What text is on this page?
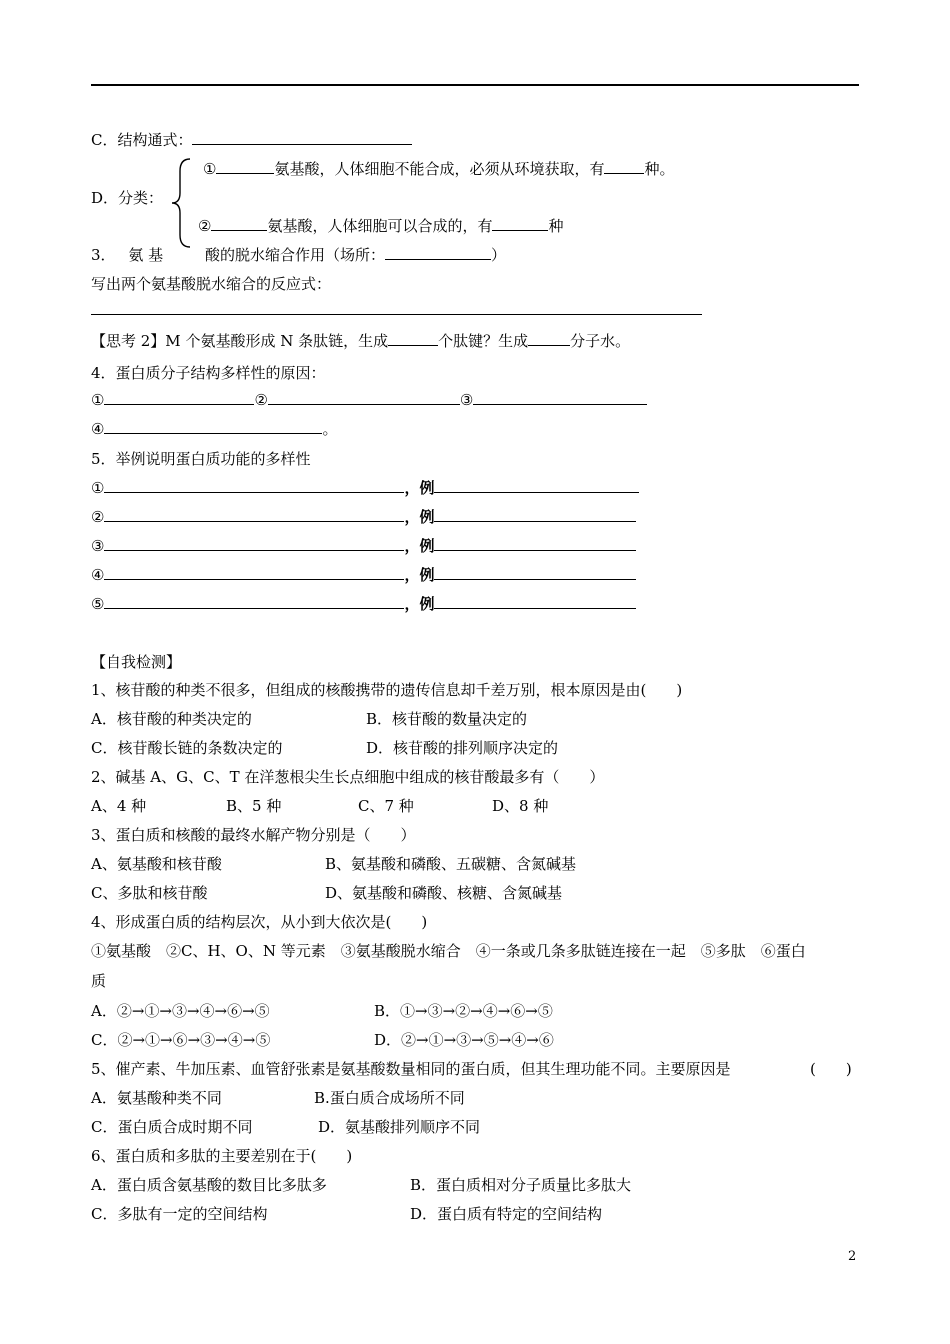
C．结构通式：
①	氨基酸，人体细胞不能合成，必须从环境获取，有	种。
D．分类：
②	氨基酸，人体细胞可以合成的，有	种
3． 氨 基	酸的脱水缩合作用（场所：	）
写出两个氨基酸脱水缩合的反应式：
【思考 2】M 个氨基酸形成 N 条肽链，生成	个肽键？生成	分子水。
4．蛋白质分子结构多样性的原因：
①	②	③
④	。
5．举例说明蛋白质功能的多样性
①	，例
②	，例
③	，例
④	，例
⑤	，例
【自我检测】
1、核苷酸的种类不很多，但组成的核酸携带的遗传信息却千差万别，根本原因是由(　　)
A．核苷酸的种类决定的	B．核苷酸的数量决定的
C．核苷酸长链的条数决定的	D．核苷酸的排列顺序决定的
2、碱基 A、G、C、T 在洋葱根尖生长点细胞中组成的核苷酸最多有（　　）
A、4 种	B、5 种	C、7 种	D、8 种
3、蛋白质和核酸的最终水解产物分别是（　　）
A、氨基酸和核苷酸	B、氨基酸和磷酸、五碳糖、含氮碱基
C、多肽和核苷酸	D、氨基酸和磷酸、核糖、含氮碱基
4、形成蛋白质的结构层次，从小到大依次是(　　)
①氨基酸　②C、H、O、N 等元素　③氨基酸脱水缩合　④一条或几条多肽链连接在一起　⑤多肽　⑥蛋白
质
A．②→①→③→④→⑥→⑤	B．①→③→②→④→⑥→⑤
C．②→①→⑥→③→④→⑤	D．②→①→③→⑤→④→⑥
5、催产素、牛加压素、血管舒张素是氨基酸数量相同的蛋白质，但其生理功能不同。主要原因是	(　　)
A．氨基酸种类不同	B.蛋白质合成场所不同
C．蛋白质合成时期不同	D．氨基酸排列顺序不同
6、蛋白质和多肽的主要差别在于(　　)
A．蛋白质含氨基酸的数目比多肽多	B．蛋白质相对分子质量比多肽大
C．多肽有一定的空间结构	D．蛋白质有特定的空间结构
2
